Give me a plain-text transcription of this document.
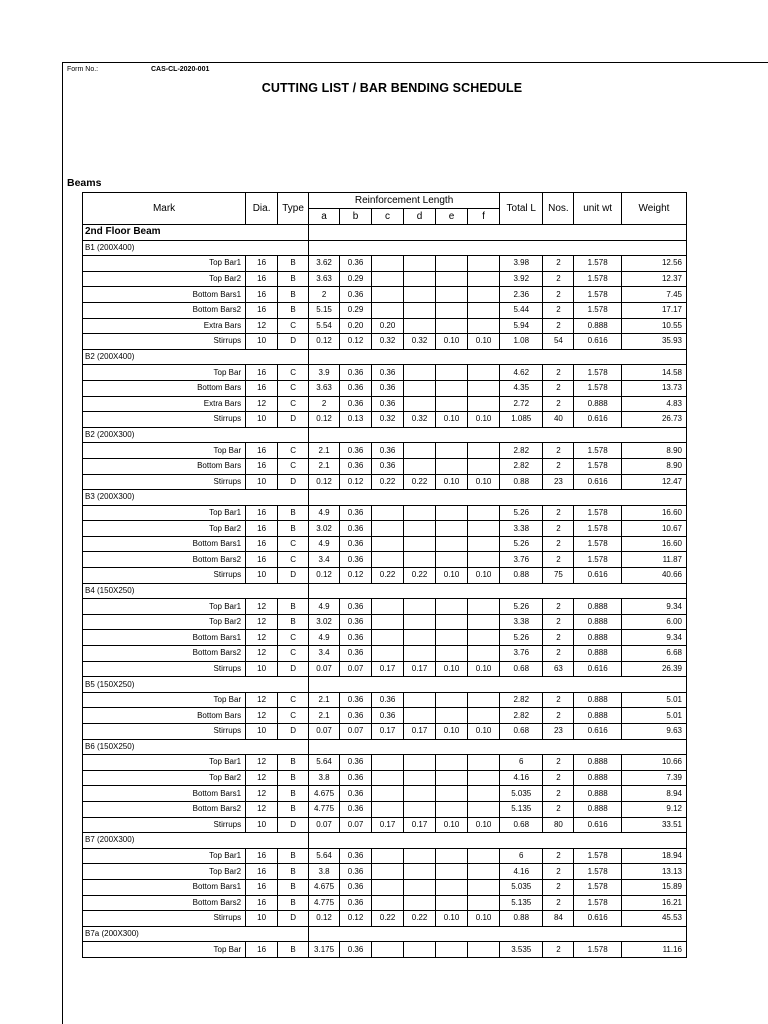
Form No.:	CAS-CL-2020-001
CUTTING LIST / BAR BENDING SCHEDULE
Beams
Mark	Dia.	Type	Reinforcement Length						Total L	Nos.	unit wt	Weight
			a	b	c	d	e	f				
2nd Floor Beam												
B1 (200X400)												
Top Bar1	16	B	3.62	0.36					3.98	2	1.578	12.56
Top Bar2	16	B	3.63	0.29					3.92	2	1.578	12.37
Bottom Bars1	16	B	2	0.36					2.36	2	1.578	7.45
Bottom Bars2	16	B	5.15	0.29					5.44	2	1.578	17.17
Extra Bars	12	C	5.54	0.20	0.20				5.94	2	0.888	10.55
Stirrups	10	D	0.12	0.12	0.32	0.32	0.10	0.10	1.08	54	0.616	35.93
B2 (200X400)												
Top Bar	16	C	3.9	0.36	0.36				4.62	2	1.578	14.58
Bottom Bars	16	C	3.63	0.36	0.36				4.35	2	1.578	13.73
Extra Bars	12	C	2	0.36	0.36				2.72	2	0.888	4.83
Stirrups	10	D	0.12	0.13	0.32	0.32	0.10	0.10	1.085	40	0.616	26.73
B2 (200X300)												
Top Bar	16	C	2.1	0.36	0.36				2.82	2	1.578	8.90
Bottom Bars	16	C	2.1	0.36	0.36				2.82	2	1.578	8.90
Stirrups	10	D	0.12	0.12	0.22	0.22	0.10	0.10	0.88	23	0.616	12.47
B3 (200X300)												
Top Bar1	16	B	4.9	0.36					5.26	2	1.578	16.60
Top Bar2	16	B	3.02	0.36					3.38	2	1.578	10.67
Bottom Bars1	16	C	4.9	0.36					5.26	2	1.578	16.60
Bottom Bars2	16	C	3.4	0.36					3.76	2	1.578	11.87
Stirrups	10	D	0.12	0.12	0.22	0.22	0.10	0.10	0.88	75	0.616	40.66
B4 (150X250)												
Top Bar1	12	B	4.9	0.36					5.26	2	0.888	9.34
Top Bar2	12	B	3.02	0.36					3.38	2	0.888	6.00
Bottom Bars1	12	C	4.9	0.36					5.26	2	0.888	9.34
Bottom Bars2	12	C	3.4	0.36					3.76	2	0.888	6.68
Stirrups	10	D	0.07	0.07	0.17	0.17	0.10	0.10	0.68	63	0.616	26.39
B5 (150X250)												
Top Bar	12	C	2.1	0.36	0.36				2.82	2	0.888	5.01
Bottom Bars	12	C	2.1	0.36	0.36				2.82	2	0.888	5.01
Stirrups	10	D	0.07	0.07	0.17	0.17	0.10	0.10	0.68	23	0.616	9.63
B6 (150X250)												
Top Bar1	12	B	5.64	0.36					6	2	0.888	10.66
Top Bar2	12	B	3.8	0.36					4.16	2	0.888	7.39
Bottom Bars1	12	B	4.675	0.36					5.035	2	0.888	8.94
Bottom Bars2	12	B	4.775	0.36					5.135	2	0.888	9.12
Stirrups	10	D	0.07	0.07	0.17	0.17	0.10	0.10	0.68	80	0.616	33.51
B7 (200X300)												
Top Bar1	16	B	5.64	0.36					6	2	1.578	18.94
Top Bar2	16	B	3.8	0.36					4.16	2	1.578	13.13
Bottom Bars1	16	B	4.675	0.36					5.035	2	1.578	15.89
Bottom Bars2	16	B	4.775	0.36					5.135	2	1.578	16.21
Stirrups	10	D	0.12	0.12	0.22	0.22	0.10	0.10	0.88	84	0.616	45.53
B7a (200X300)												
Top Bar	16	B	3.175	0.36					3.535	2	1.578	11.16
